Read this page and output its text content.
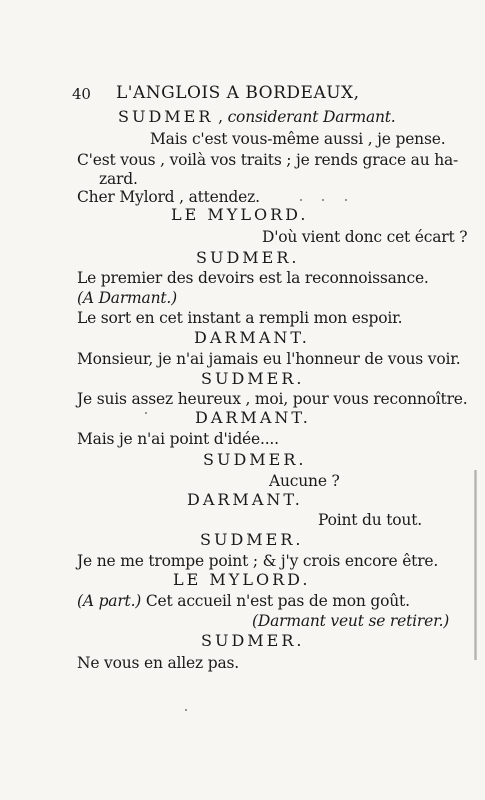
40 L'ANGLOIS A BORDEAUX,
SUDMER , considerant Darmant.
Mais c'est vous-même aussi , je pense.
C'est vous , voilà vos traits ; je rends grace au ha-
zard.
Cher Mylord , attendez.
LE MYLORD.
D'où vient donc cet écart ?
SUDMER.
Le premier des devoirs est la reconnoissance.
(A Darmant.)
Le sort en cet instant a rempli mon espoir.
DARMANT.
Monsieur, je n'ai jamais eu l'honneur de vous voir.
SUDMER.
Je suis assez heureux , moi, pour vous reconnoître.
DARMANT.
Mais je n'ai point d'idée....
SUDMER.
Aucune ?
DARMANT.
Point du tout.
SUDMER.
Je ne me trompe point ; & j'y crois encore être.
LE MYLORD.
(A part.) Cet accueil n'est pas de mon goût.
(Darmant veut se retirer.)
SUDMER.
Ne vous en allez pas.
